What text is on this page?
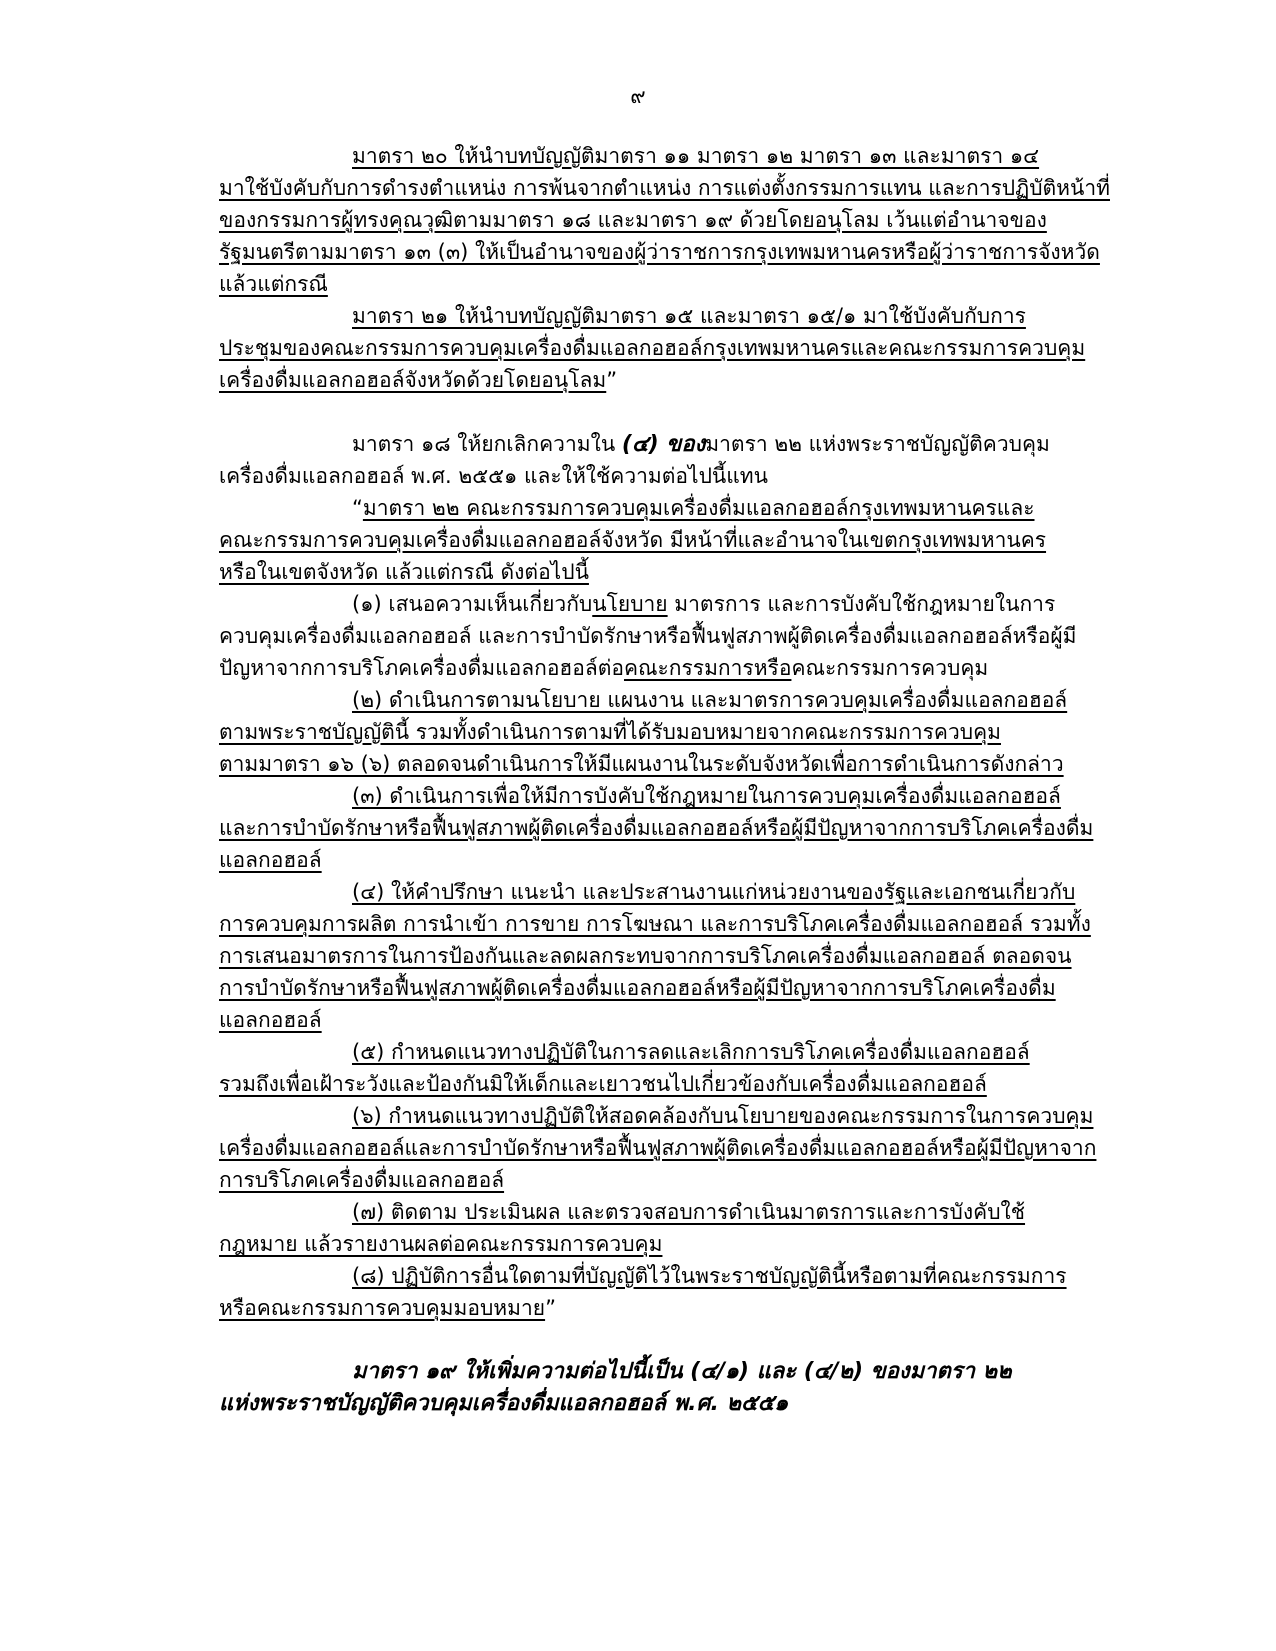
๙
มาตรา ๒๐ ให้นำบทบัญญัติมาตรา ๑๑ มาตรา ๑๒ มาตรา ๑๓ และมาตรา ๑๔
มาใช้บังคับกับการดำรงตำแหน่ง การพ้นจากตำแหน่ง การแต่งตั้งกรรมการแทน และการปฏิบัติหน้าที่
ของกรรมการผู้ทรงคุณวุฒิตามมาตรา ๑๘ และมาตรา ๑๙ ด้วยโดยอนุโลม เว้นแต่อำนาจของ
รัฐมนตรีตามมาตรา ๑๓ (๓) ให้เป็นอำนาจของผู้ว่าราชการกรุงเทพมหานครหรือผู้ว่าราชการจังหวัด
แล้วแต่กรณี
มาตรา ๒๑ ให้นำบทบัญญัติมาตรา ๑๕ และมาตรา ๑๕/๑ มาใช้บังคับกับการ
ประชุมของคณะกรรมการควบคุมเครื่องดื่มแอลกอฮอล์กรุงเทพมหานครและคณะกรรมการควบคุม
เครื่องดื่มแอลกอฮอล์จังหวัดด้วยโดยอนุโลม”
มาตรา ๑๘ ให้ยกเลิกความใน (๔) ของมาตรา ๒๒ แห่งพระราชบัญญัติควบคุม
เครื่องดื่มแอลกอฮอล์ พ.ศ. ๒๕๕๑ และให้ใช้ความต่อไปนี้แทน
“มาตรา ๒๒ คณะกรรมการควบคุมเครื่องดื่มแอลกอฮอล์กรุงเทพมหานครและ
คณะกรรมการควบคุมเครื่องดื่มแอลกอฮอล์จังหวัด มีหน้าที่และอำนาจในเขตกรุงเทพมหานคร
หรือในเขตจังหวัด แล้วแต่กรณี ดังต่อไปนี้
(๑) เสนอความเห็นเกี่ยวกับนโยบาย มาตรการ และการบังคับใช้กฎหมายในการ
ควบคุมเครื่องดื่มแอลกอฮอล์ และการบำบัดรักษาหรือฟื้นฟูสภาพผู้ติดเครื่องดื่มแอลกอฮอล์หรือผู้มี
ปัญหาจากการบริโภคเครื่องดื่มแอลกอฮอล์ต่อคณะกรรมการหรือคณะกรรมการควบคุม
(๒) ดำเนินการตามนโยบาย แผนงาน และมาตรการควบคุมเครื่องดื่มแอลกอฮอล์
ตามพระราชบัญญัตินี้ รวมทั้งดำเนินการตามที่ได้รับมอบหมายจากคณะกรรมการควบคุม
ตามมาตรา ๑๖ (๖) ตลอดจนดำเนินการให้มีแผนงานในระดับจังหวัดเพื่อการดำเนินการดังกล่าว
(๓) ดำเนินการเพื่อให้มีการบังคับใช้กฎหมายในการควบคุมเครื่องดื่มแอลกอฮอล์
และการบำบัดรักษาหรือฟื้นฟูสภาพผู้ติดเครื่องดื่มแอลกอฮอล์หรือผู้มีปัญหาจากการบริโภคเครื่องดื่ม
แอลกอฮอล์
(๔) ให้คำปรึกษา แนะนำ และประสานงานแก่หน่วยงานของรัฐและเอกชนเกี่ยวกับ
การควบคุมการผลิต การนำเข้า การขาย การโฆษณา และการบริโภคเครื่องดื่มแอลกอฮอล์ รวมทั้ง
การเสนอมาตรการในการป้องกันและลดผลกระทบจากการบริโภคเครื่องดื่มแอลกอฮอล์ ตลอดจน
การบำบัดรักษาหรือฟื้นฟูสภาพผู้ติดเครื่องดื่มแอลกอฮอล์หรือผู้มีปัญหาจากการบริโภคเครื่องดื่ม
แอลกอฮอล์
(๕) กำหนดแนวทางปฏิบัติในการลดและเลิกการบริโภคเครื่องดื่มแอลกอฮอล์
รวมถึงเพื่อเฝ้าระวังและป้องกันมิให้เด็กและเยาวชนไปเกี่ยวข้องกับเครื่องดื่มแอลกอฮอล์
(๖) กำหนดแนวทางปฏิบัติให้สอดคล้องกับนโยบายของคณะกรรมการในการควบคุม
เครื่องดื่มแอลกอฮอล์และการบำบัดรักษาหรือฟื้นฟูสภาพผู้ติดเครื่องดื่มแอลกอฮอล์หรือผู้มีปัญหาจาก
การบริโภคเครื่องดื่มแอลกอฮอล์
(๗) ติดตาม ประเมินผล และตรวจสอบการดำเนินมาตรการและการบังคับใช้
กฎหมาย แล้วรายงานผลต่อคณะกรรมการควบคุม
(๘) ปฏิบัติการอื่นใดตามที่บัญญัติไว้ในพระราชบัญญัตินี้หรือตามที่คณะกรรมการ
หรือคณะกรรมการควบคุมมอบหมาย”
มาตรา ๑๙ ให้เพิ่มความต่อไปนี้เป็น (๔/๑) และ (๔/๒) ของมาตรา ๒๒
แห่งพระราชบัญญัติควบคุมเครื่องดื่มแอลกอฮอล์ พ.ศ. ๒๕๕๑
